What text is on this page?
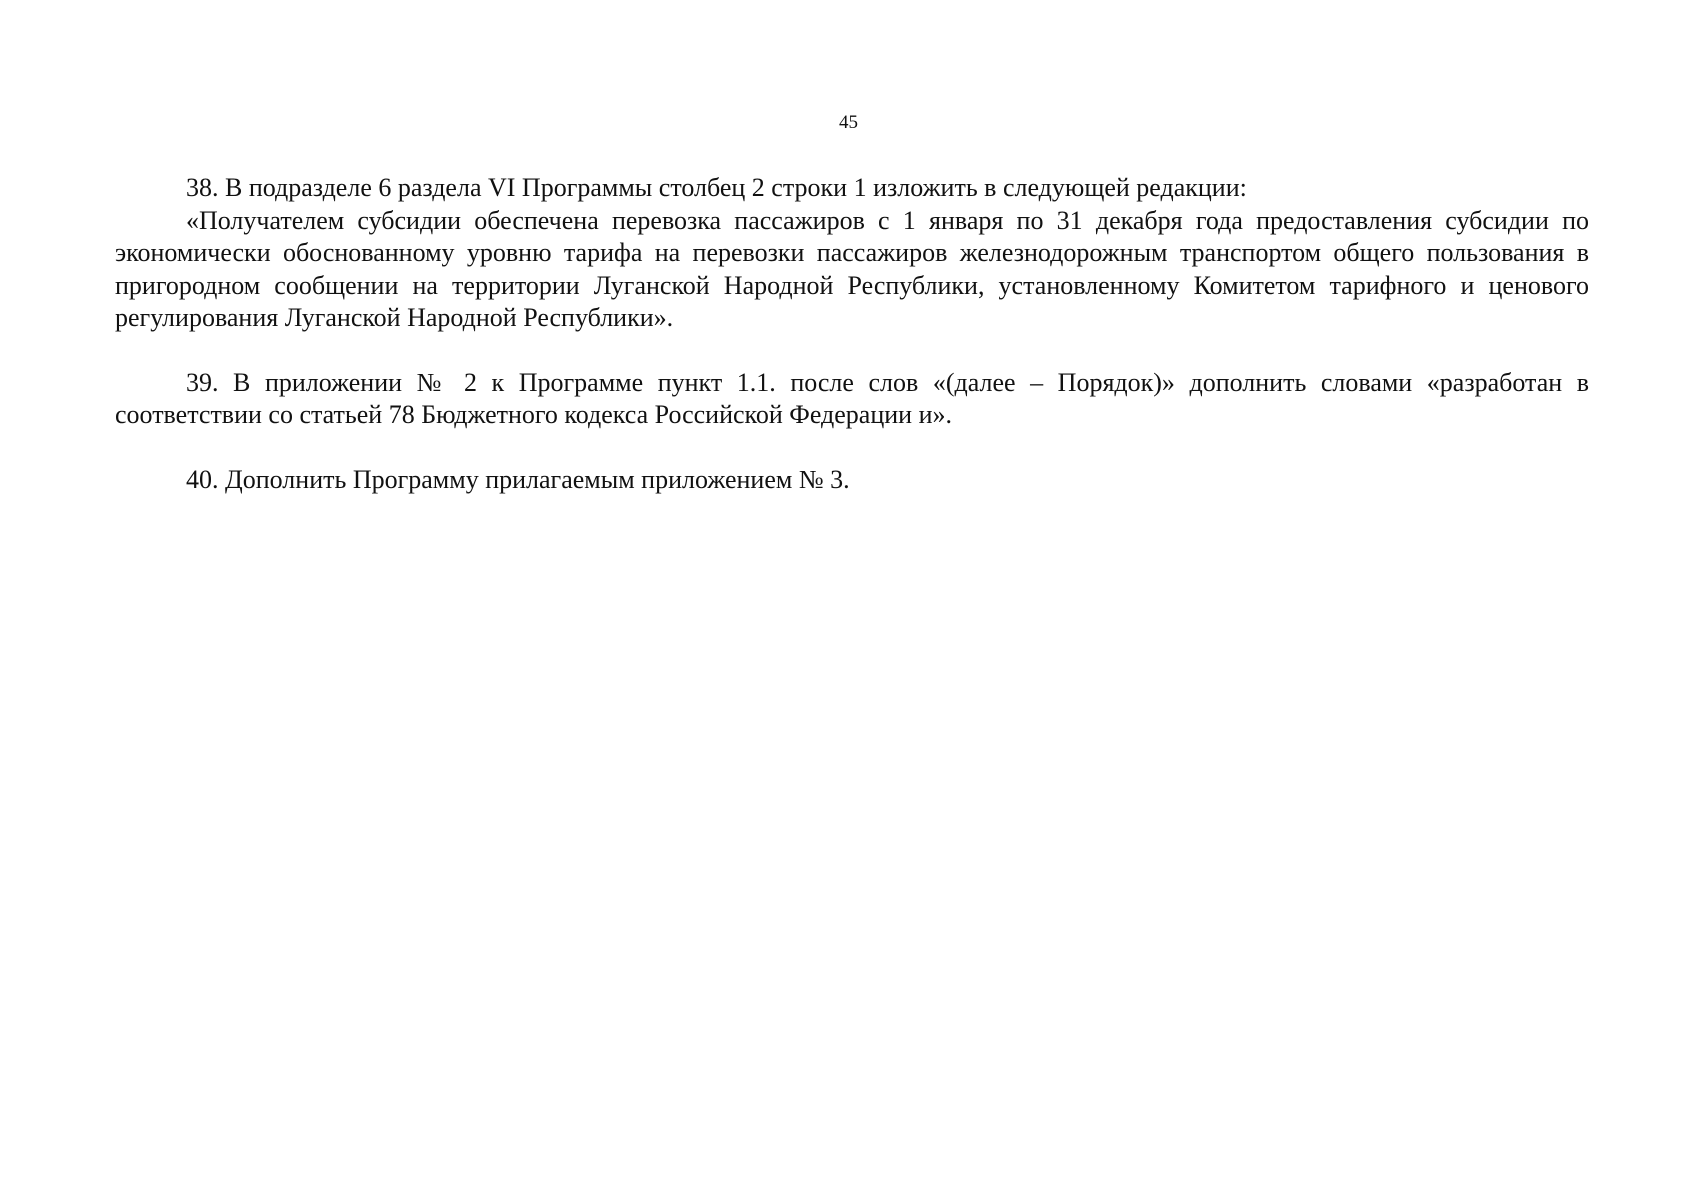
45

38. В подразделе 6 раздела VI Программы столбец 2 строки 1 изложить в следующей редакции:

«Получателем субсидии обеспечена перевозка пассажиров с 1 января по 31 декабря года предоставления субсидии по экономически обоснованному уровню тарифа на перевозки пассажиров железнодорожным транспортом общего пользования в пригородном сообщении на территории Луганской Народной Республики, установленному Комитетом тарифного и ценового регулирования Луганской Народной Республики».

39. В приложении № 2 к Программе пункт 1.1. после слов «(далее – Порядок)» дополнить словами «разработан в соответствии со статьей 78 Бюджетного кодекса Российской Федерации и».

40. Дополнить Программу прилагаемым приложением № 3.
